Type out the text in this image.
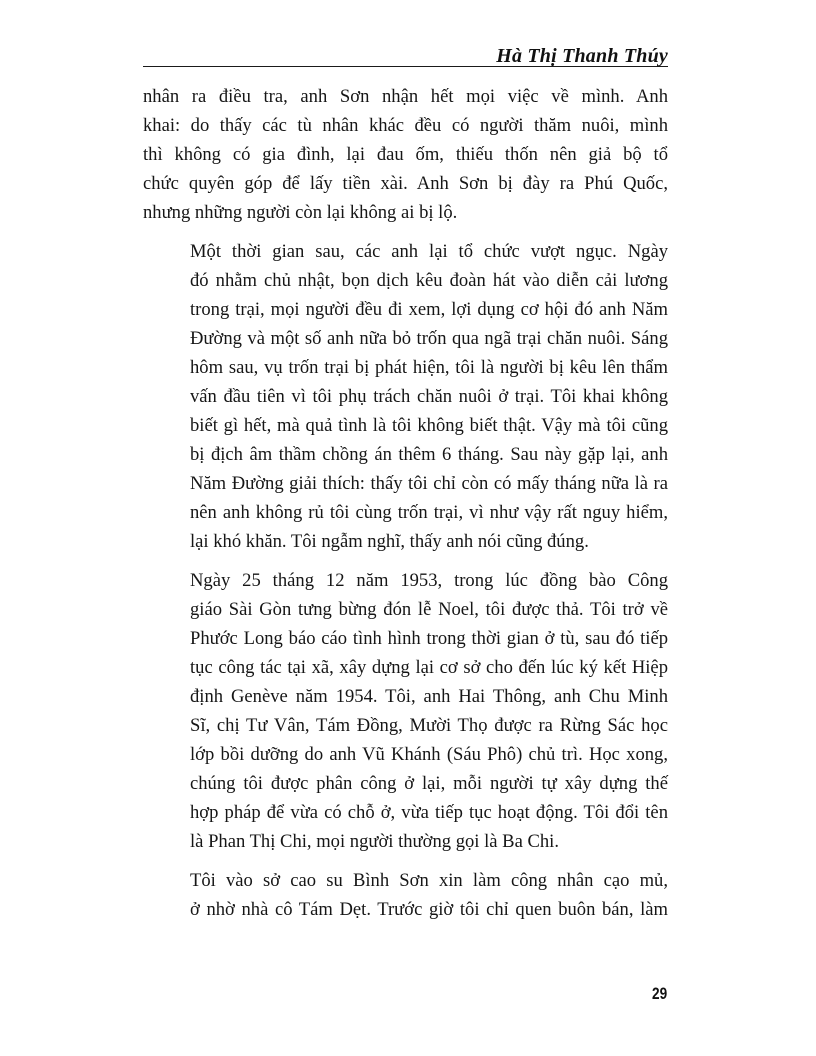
Hà Thị Thanh Thúy

nhân ra điều tra, anh Sơn nhận hết mọi việc về mình. Anh
khai: do thấy các tù nhân khác đều có người thăm nuôi, mình
thì không có gia đình, lại đau ốm, thiếu thốn nên giả bộ tổ
chức quyên góp để lấy tiền xài. Anh Sơn bị đày ra Phú Quốc,
nhưng những người còn lại không ai bị lộ.

Một thời gian sau, các anh lại tổ chức vượt ngục. Ngày
đó nhằm chủ nhật, bọn dịch kêu đoàn hát vào diễn cải lương
trong trại, mọi người đều đi xem, lợi dụng cơ hội đó anh Năm
Đường và một số anh nữa bỏ trốn qua ngã trại chăn nuôi. Sáng
hôm sau, vụ trốn trại bị phát hiện, tôi là người bị kêu lên thẩm
vấn đầu tiên vì tôi phụ trách chăn nuôi ở trại. Tôi khai không
biết gì hết, mà quả tình là tôi không biết thật. Vậy mà tôi cũng
bị địch âm thầm chồng án thêm 6 tháng. Sau này gặp lại, anh
Năm Đường giải thích: thấy tôi chỉ còn có mấy tháng nữa là ra
nên anh không rủ tôi cùng trốn trại, vì như vậy rất nguy hiểm,
lại khó khăn. Tôi ngẫm nghĩ, thấy anh nói cũng đúng.

Ngày 25 tháng 12 năm 1953, trong lúc đồng bào Công
giáo Sài Gòn tưng bừng đón lễ Noel, tôi được thả. Tôi trở về
Phước Long báo cáo tình hình trong thời gian ở tù, sau đó tiếp
tục công tác tại xã, xây dựng lại cơ sở cho đến lúc ký kết Hiệp
định Genève năm 1954. Tôi, anh Hai Thông, anh Chu Minh
Sĩ, chị Tư Vân, Tám Đồng, Mười Thọ được ra Rừng Sác học
lớp bồi dưỡng do anh Vũ Khánh (Sáu Phô) chủ trì. Học xong,
chúng tôi được phân công ở lại, mỗi người tự xây dựng thế
hợp pháp để vừa có chỗ ở, vừa tiếp tục hoạt động. Tôi đổi tên
là Phan Thị Chi, mọi người thường gọi là Ba Chi.

Tôi vào sở cao su Bình Sơn xin làm công nhân cạo mủ,
ở nhờ nhà cô Tám Dẹt. Trước giờ tôi chỉ quen buôn bán, làm

29
